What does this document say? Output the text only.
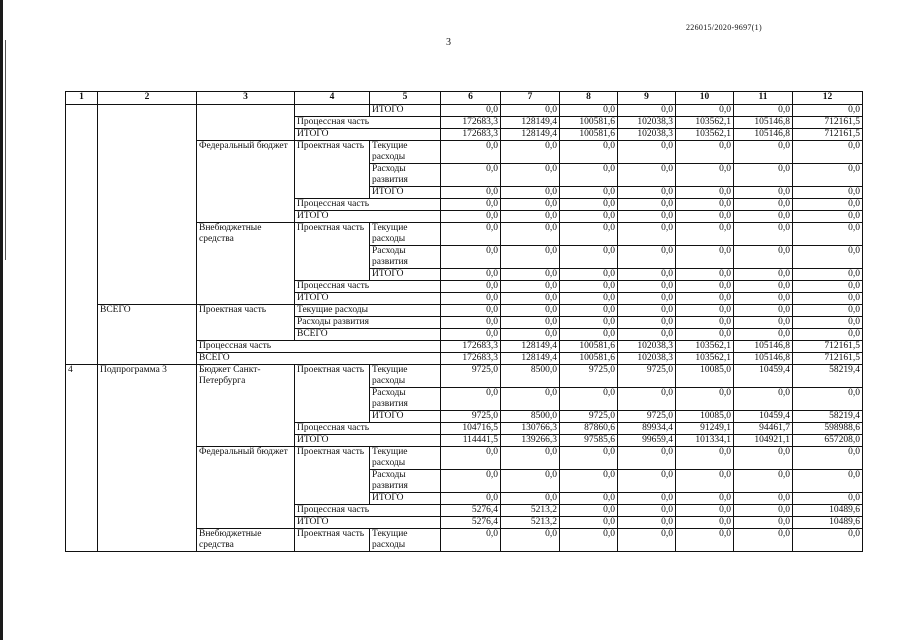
226015/2020-9697(1)
3
1	2	3	4	5	6	7	8	9	10	11	12
				ИТОГО	0,0	0,0	0,0	0,0	0,0	0,0	0,0
			Процессная часть		172683,3	128149,4	100581,6	102038,3	103562,1	105146,8	712161,5
			ИТОГО		172683,3	128149,4	100581,6	102038,3	103562,1	105146,8	712161,5
		Федеральный бюджет	Проектная часть	Текущие расходы	0,0	0,0	0,0	0,0	0,0	0,0	0,0
				Расходы развития	0,0	0,0	0,0	0,0	0,0	0,0	0,0
				ИТОГО	0,0	0,0	0,0	0,0	0,0	0,0	0,0
			Процессная часть		0,0	0,0	0,0	0,0	0,0	0,0	0,0
			ИТОГО		0,0	0,0	0,0	0,0	0,0	0,0	0,0
		Внебюджетные средства	Проектная часть	Текущие расходы	0,0	0,0	0,0	0,0	0,0	0,0	0,0
				Расходы развития	0,0	0,0	0,0	0,0	0,0	0,0	0,0
				ИТОГО	0,0	0,0	0,0	0,0	0,0	0,0	0,0
			Процессная часть		0,0	0,0	0,0	0,0	0,0	0,0	0,0
			ИТОГО		0,0	0,0	0,0	0,0	0,0	0,0	0,0
	ВСЕГО	Проектная часть	Текущие расходы		0,0	0,0	0,0	0,0	0,0	0,0	0,0
			Расходы развития		0,0	0,0	0,0	0,0	0,0	0,0	0,0
			ВСЕГО		0,0	0,0	0,0	0,0	0,0	0,0	0,0
		Процессная часть			172683,3	128149,4	100581,6	102038,3	103562,1	105146,8	712161,5
		ВСЕГО			172683,3	128149,4	100581,6	102038,3	103562,1	105146,8	712161,5
4	Подпрограмма 3	Бюджет Санкт-Петербурга	Проектная часть	Текущие расходы	9725,0	8500,0	9725,0	9725,0	10085,0	10459,4	58219,4
				Расходы развития	0,0	0,0	0,0	0,0	0,0	0,0	0,0
				ИТОГО	9725,0	8500,0	9725,0	9725,0	10085,0	10459,4	58219,4
			Процессная часть		104716,5	130766,3	87860,6	89934,4	91249,1	94461,7	598988,6
			ИТОГО		114441,5	139266,3	97585,6	99659,4	101334,1	104921,1	657208,0
		Федеральный бюджет	Проектная часть	Текущие расходы	0,0	0,0	0,0	0,0	0,0	0,0	0,0
				Расходы развития	0,0	0,0	0,0	0,0	0,0	0,0	0,0
				ИТОГО	0,0	0,0	0,0	0,0	0,0	0,0	0,0
			Процессная часть		5276,4	5213,2	0,0	0,0	0,0	0,0	10489,6
			ИТОГО		5276,4	5213,2	0,0	0,0	0,0	0,0	10489,6
		Внебюджетные средства	Проектная часть	Текущие расходы	0,0	0,0	0,0	0,0	0,0	0,0	0,0
